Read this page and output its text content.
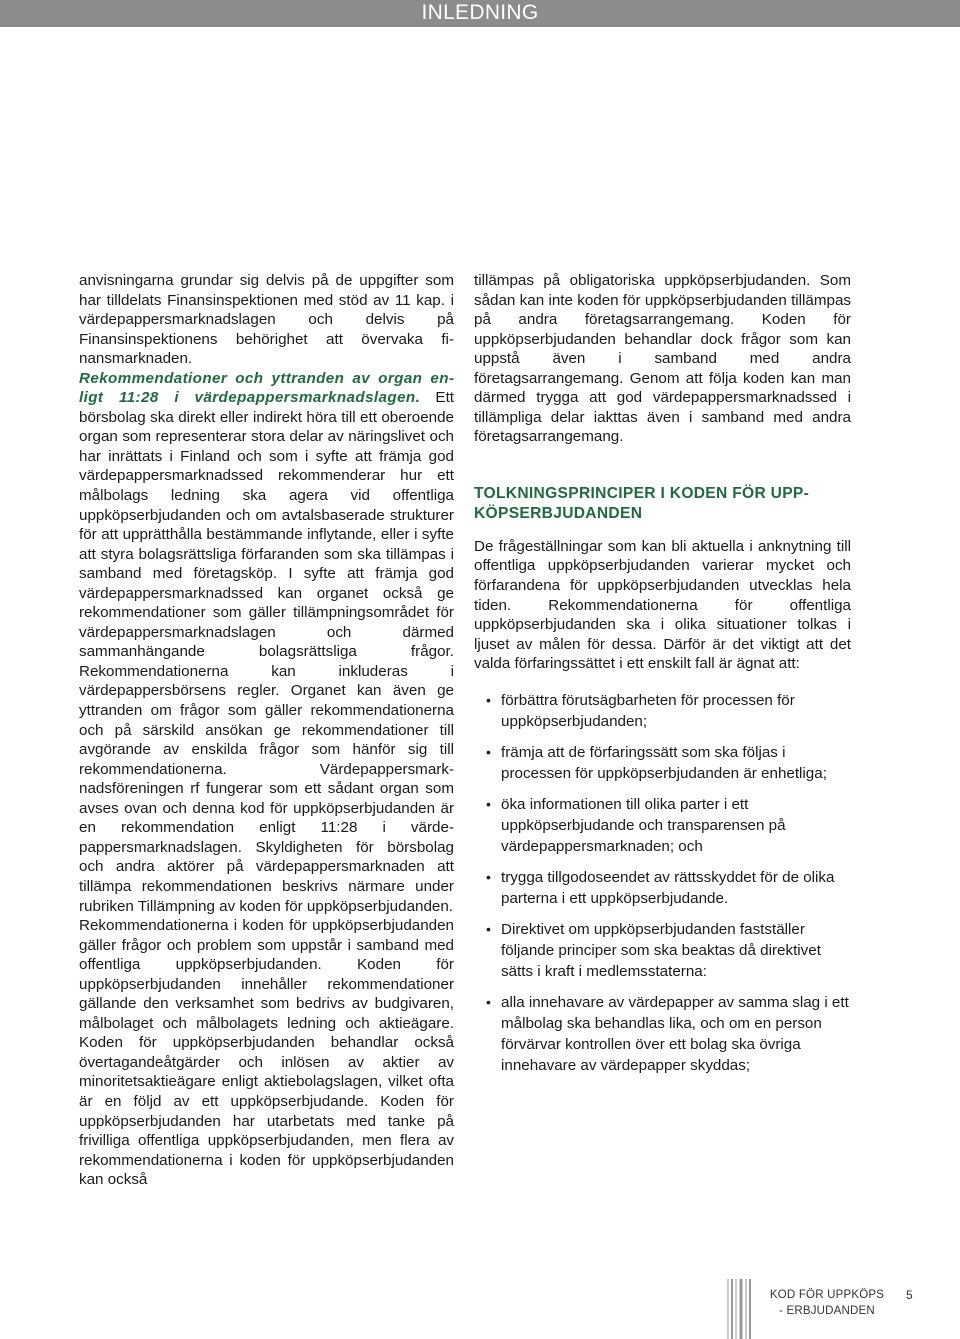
INLEDNING

anvisningarna grundar sig delvis på de uppgifter som har tilldelats Finansinspektionen med stöd av 11 kap. i värdepappersmarknadslagen och delvis på Finansinspektionens behörighet att övervaka finansmarknaden.

Rekommendationer och yttranden av organ enligt 11:28 i värdepappersmarknadslagen. Ett börsbolag ska direkt eller indirekt höra till ett oberoende organ som representerar stora delar av näringslivet och har inrättats i Finland och som i syfte att främja god värdepappersmarknadssed rekommenderar hur ett målbolags ledning ska agera vid offentliga uppköpserbjudanden och om avtalsbaserade strukturer för att upprätthålla bestämmande inflytande, eller i syfte att styra bolagsrättsliga förfaranden som ska tillämpas i samband med företagsköp. I syfte att främja god värdepappersmarknadssed kan organet också ge rekommendationer som gäller tillämpningsområdet för värdepappersmarknadslagen och därmed sammanhängande bolagsrättsliga frågor. Rekommendationerna kan inkluderas i värdepappersbörsens regler. Organet kan även ge yttranden om frågor som gäller rekommendationerna och på särskild ansökan ge rekommendationer till avgörande av enskilda frågor som hänför sig till rekommendationerna. Värdepappersmarknadsföreningen rf fungerar som ett sådant organ som avses ovan och denna kod för uppköpserbjudanden är en rekommendation enligt 11:28 i värdepappersmarknadslagen. Skyldigheten för börsbolag och andra aktörer på värdepappersmarknaden att tillämpa rekommendationen beskrivs närmare under rubriken Tillämpning av koden för uppköpserbjudanden.

Rekommendationerna i koden för uppköpserbjudanden gäller frågor och problem som uppstår i samband med offentliga uppköpserbjudanden. Koden för uppköpserbjudanden innehåller rekommendationer gällande den verksamhet som bedrivs av budgivaren, målbolaget och målbolagets ledning och aktieägare. Koden för uppköpserbjudanden behandlar också övertagandeåtgärder och inlösen av aktier av minoritetsaktieägare enligt aktiebolagslagen, vilket ofta är en följd av ett uppköpserbjudande. Koden för uppköpserbjudanden har utarbetats med tanke på frivilliga offentliga uppköpserbjudanden, men flera av rekommendationerna i koden för uppköpserbjudanden kan också

tillämpas på obligatoriska uppköpserbjudanden. Som sådan kan inte koden för uppköpserbjudanden tillämpas på andra företagsarrangemang. Koden för uppköpserbjudanden behandlar dock frågor som kan uppstå även i samband med andra företagsarrangemang. Genom att följa koden kan man därmed trygga att god värdepappersmarknadssed i tillämpliga delar iakttas även i samband med andra företagsarrangemang.

TOLKNINGSPRINCIPER I KODEN FÖR UPPKÖPSERBJUDANDEN

De frågeställningar som kan bli aktuella i anknytning till offentliga uppköpserbjudanden varierar mycket och förfarandena för uppköpserbjudanden utvecklas hela tiden. Rekommendationerna för offentliga uppköpserbjudanden ska i olika situationer tolkas i ljuset av målen för dessa. Därför är det viktigt att det valda förfaringssättet i ett enskilt fall är ägnat att:

• förbättra förutsägbarheten för processen för uppköpserbjudanden;
• främja att de förfaringssätt som ska följas i processen för uppköpserbjudanden är enhetliga;
• öka informationen till olika parter i ett uppköpserbjudande och transparensen på värdepappersmarknaden; och
• trygga tillgodoseendet av rättsskyddet för de olika parterna i ett uppköpserbjudande.
• Direktivet om uppköpserbjudanden fastställer följande principer som ska beaktas då direktivet sätts i kraft i medlemsstaterna:
• alla innehavare av värdepapper av samma slag i ett målbolag ska behandlas lika, och om en person förvärvar kontrollen över ett bolag ska övriga innehavare av värdepapper skyddas;
KOD FÖR UPPKÖPS
- ERBJUDANDEN
5
